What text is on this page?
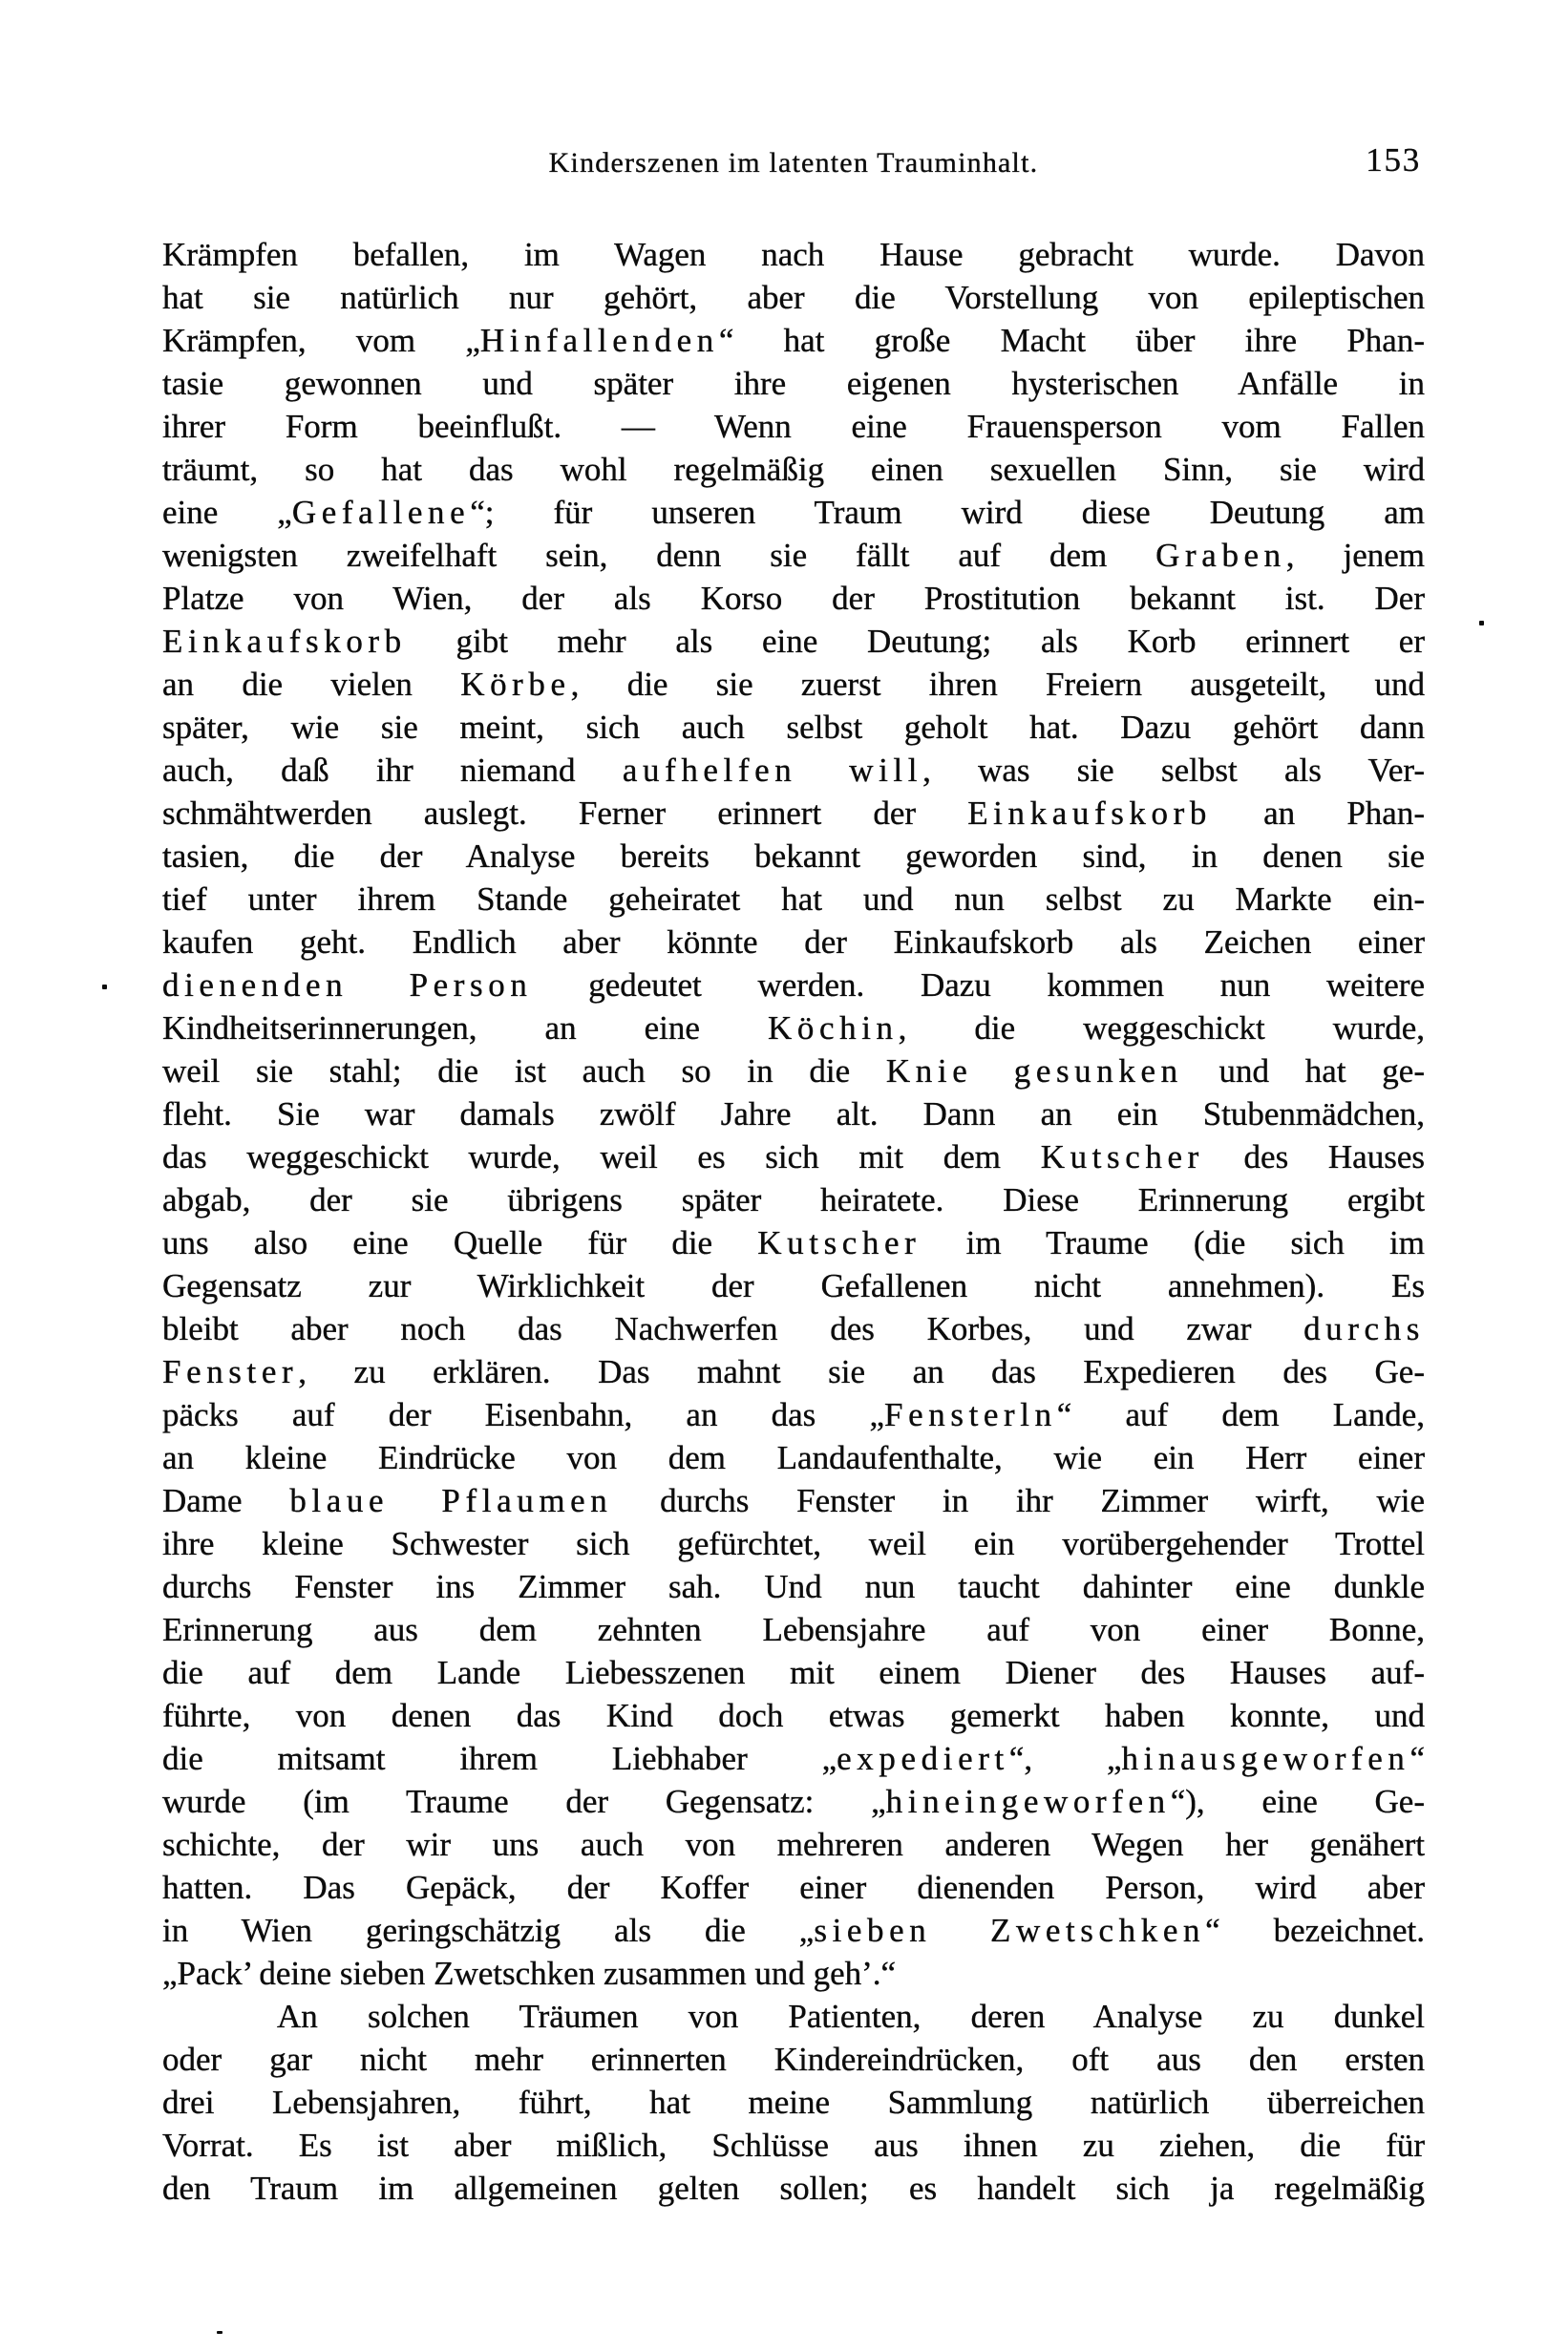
Kinderszenen im latenten Trauminhalt.	153
Krämpfen befallen, im Wagen nach Hause gebracht wurde. Davon
hat sie natürlich nur gehört, aber die Vorstellung von epileptischen
Krämpfen, vom „Hinfallenden“ hat große Macht über ihre Phan-
tasie gewonnen und später ihre eigenen hysterischen Anfälle in
ihrer Form beeinflußt. — Wenn eine Frauensperson vom Fallen
träumt, so hat das wohl regelmäßig einen sexuellen Sinn, sie wird
eine „Gefallene“; für unseren Traum wird diese Deutung am
wenigsten zweifelhaft sein, denn sie fällt auf dem Graben, jenem
Platze von Wien, der als Korso der Prostitution bekannt ist. Der
Einkaufskorb gibt mehr als eine Deutung; als Korb erinnert er
an die vielen Körbe, die sie zuerst ihren Freiern ausgeteilt, und
später, wie sie meint, sich auch selbst geholt hat. Dazu gehört dann
auch, daß ihr niemand aufhelfen will, was sie selbst als Ver-
schmähtwerden auslegt. Ferner erinnert der Einkaufskorb an Phan-
tasien, die der Analyse bereits bekannt geworden sind, in denen sie
tief unter ihrem Stande geheiratet hat und nun selbst zu Markte ein-
kaufen geht. Endlich aber könnte der Einkaufskorb als Zeichen einer
dienenden Person gedeutet werden. Dazu kommen nun weitere
Kindheitserinnerungen, an eine Köchin, die weggeschickt wurde,
weil sie stahl; die ist auch so in die Knie gesunken und hat ge-
fleht. Sie war damals zwölf Jahre alt. Dann an ein Stubenmädchen,
das weggeschickt wurde, weil es sich mit dem Kutscher des Hauses
abgab, der sie übrigens später heiratete. Diese Erinnerung ergibt
uns also eine Quelle für die Kutscher im Traume (die sich im
Gegensatz zur Wirklichkeit der Gefallenen nicht annehmen). Es
bleibt aber noch das Nachwerfen des Korbes, und zwar durchs
Fenster, zu erklären. Das mahnt sie an das Expedieren des Ge-
päcks auf der Eisenbahn, an das „Fensterln“ auf dem Lande,
an kleine Eindrücke von dem Landaufenthalte, wie ein Herr einer
Dame blaue Pflaumen durchs Fenster in ihr Zimmer wirft, wie
ihre kleine Schwester sich gefürchtet, weil ein vorübergehender Trottel
durchs Fenster ins Zimmer sah. Und nun taucht dahinter eine dunkle
Erinnerung aus dem zehnten Lebensjahre auf von einer Bonne,
die auf dem Lande Liebesszenen mit einem Diener des Hauses auf-
führte, von denen das Kind doch etwas gemerkt haben konnte, und
die mitsamt ihrem Liebhaber „expediert“, „hinausgeworfen“
wurde (im Traume der Gegensatz: „hineingeworfen“), eine Ge-
schichte, der wir uns auch von mehreren anderen Wegen her genähert
hatten. Das Gepäck, der Koffer einer dienenden Person, wird aber
in Wien geringschätzig als die „sieben Zwetschken“ bezeichnet.
„Pack’ deine sieben Zwetschken zusammen und geh’.“
An solchen Träumen von Patienten, deren Analyse zu dunkel
oder gar nicht mehr erinnerten Kindereindrücken, oft aus den ersten
drei Lebensjahren, führt, hat meine Sammlung natürlich überreichen
Vorrat. Es ist aber mißlich, Schlüsse aus ihnen zu ziehen, die für
den Traum im allgemeinen gelten sollen; es handelt sich ja regelmäßig
